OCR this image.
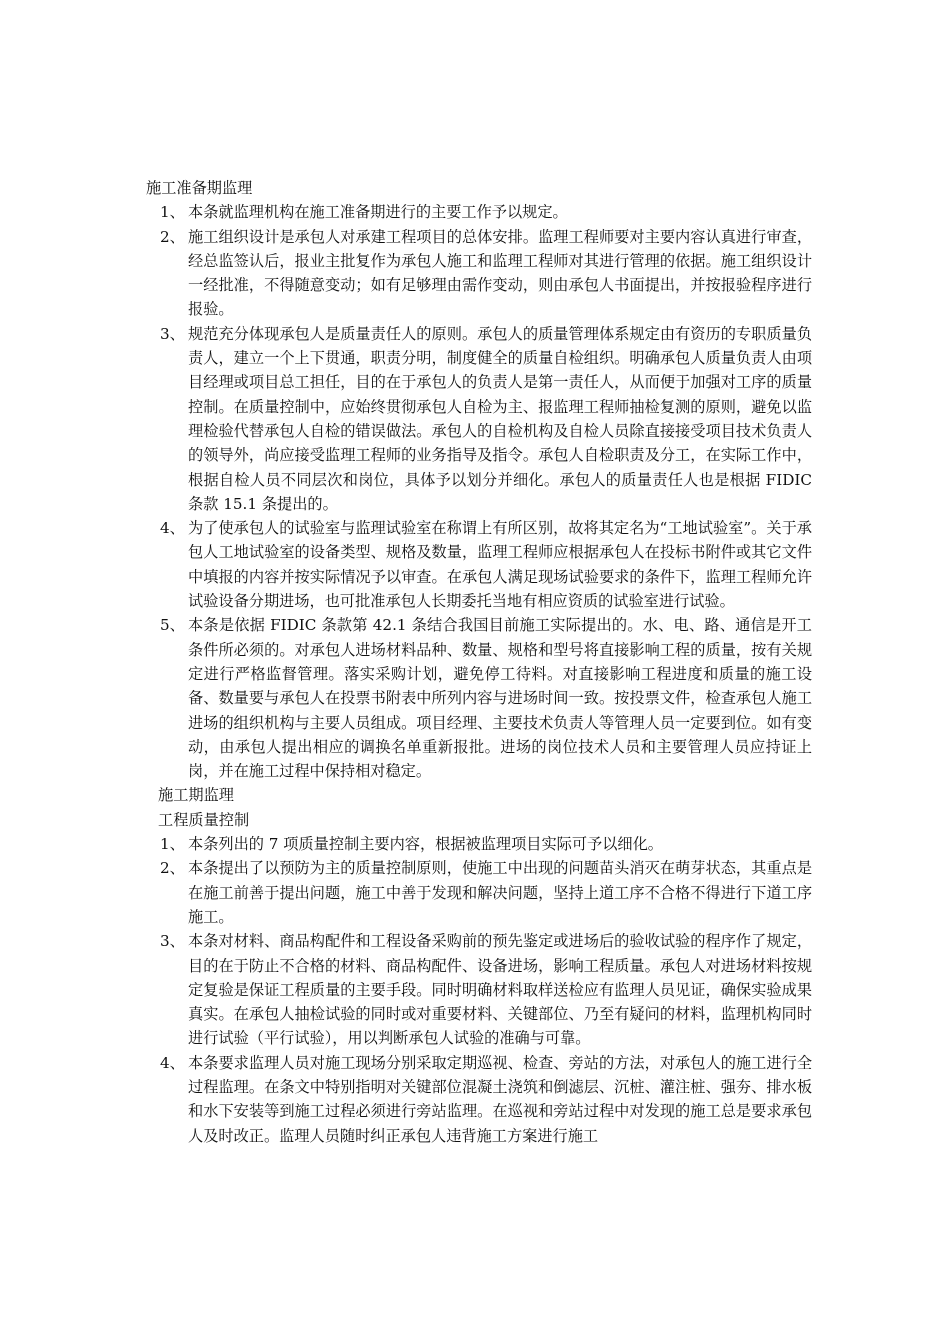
施工准备期监理

1、 本条就监理机构在施工准备期进行的主要工作予以规定。
2、 施工组织设计是承包人对承建工程项目的总体安排。监理工程师要对主要内容认真进行审查，经总监签认后，报业主批复作为承包人施工和监理工程师对其进行管理的依据。施工组织设计一经批准，不得随意变动；如有足够理由需作变动，则由承包人书面提出，并按报验程序进行报验。
3、 规范充分体现承包人是质量责任人的原则。承包人的质量管理体系规定由有资历的专职质量负责人，建立一个上下贯通，职责分明，制度健全的质量自检组织。明确承包人质量负责人由项目经理或项目总工担任，目的在于承包人的负责人是第一责任人，从而便于加强对工序的质量控制。在质量控制中，应始终贯彻承包人自检为主、报监理工程师抽检复测的原则，避免以监理检验代替承包人自检的错误做法。承包人的自检机构及自检人员除直接接受项目技术负责人的领导外，尚应接受监理工程师的业务指导及指令。承包人自检职责及分工，在实际工作中，根据自检人员不同层次和岗位，具体予以划分并细化。承包人的质量责任人也是根据 FIDIC 条款 15.1 条提出的。
4、 为了使承包人的试验室与监理试验室在称谓上有所区别，故将其定名为“工地试验室”。关于承包人工地试验室的设备类型、规格及数量，监理工程师应根据承包人在投标书附件或其它文件中填报的内容并按实际情况予以审查。在承包人满足现场试验要求的条件下，监理工程师允许试验设备分期进场，也可批准承包人长期委托当地有相应资质的试验室进行试验。
5、 本条是依据 FIDIC 条款第 42.1 条结合我国目前施工实际提出的。水、电、路、通信是开工条件所必须的。对承包人进场材料品种、数量、规格和型号将直接影响工程的质量，按有关规定进行严格监督管理。落实采购计划，避免停工待料。对直接影响工程进度和质量的施工设备、数量要与承包人在投票书附表中所列内容与进场时间一致。按投票文件，检查承包人施工进场的组织机构与主要人员组成。项目经理、主要技术负责人等管理人员一定要到位。如有变动，由承包人提出相应的调换名单重新报批。进场的岗位技术人员和主要管理人员应持证上岗，并在施工过程中保持相对稳定。

施工期监理

工程质量控制

1、 本条列出的 7 项质量控制主要内容，根据被监理项目实际可予以细化。
2、 本条提出了以预防为主的质量控制原则，使施工中出现的问题苗头消灭在萌芽状态，其重点是在施工前善于提出问题，施工中善于发现和解决问题，坚持上道工序不合格不得进行下道工序施工。
3、 本条对材料、商品构配件和工程设备采购前的预先鉴定或进场后的验收试验的程序作了规定，目的在于防止不合格的材料、商品构配件、设备进场，影响工程质量。承包人对进场材料按规定复验是保证工程质量的主要手段。同时明确材料取样送检应有监理人员见证，确保实验成果真实。在承包人抽检试验的同时或对重要材料、关键部位、乃至有疑问的材料，监理机构同时进行试验（平行试验），用以判断承包人试验的准确与可靠。
4、 本条要求监理人员对施工现场分别采取定期巡视、检查、旁站的方法，对承包人的施工进行全过程监理。在条文中特别指明对关键部位混凝土浇筑和倒滤层、沉桩、灌注桩、强夯、排水板和水下安装等到施工过程必须进行旁站监理。在巡视和旁站过程中对发现的施工总是要求承包人及时改正。监理人员随时纠正承包人违背施工方案进行施工
